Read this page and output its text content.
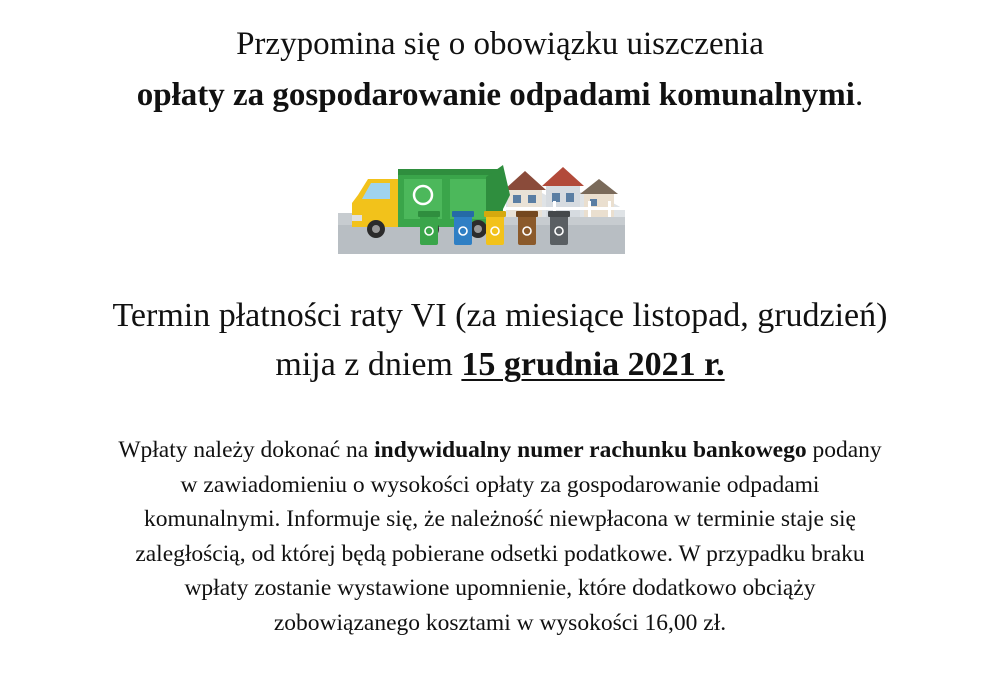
Przypomina się o obowiązku uiszczenia
opłaty za gospodarowanie odpadami komunalnymi.
Termin płatności raty VI (za miesiące listopad, grudzień)
mija z dniem 15 grudnia 2021 r.
Wpłaty należy dokonać na indywidualny numer rachunku bankowego podany
w zawiadomieniu o wysokości opłaty za gospodarowanie odpadami
komunalnymi. Informuje się, że należność niewpłacona w terminie staje się
zaległością, od której będą pobierane odsetki podatkowe. W przypadku braku
wpłaty zostanie wystawione upomnienie, które dodatkowo obciąży
zobowiązanego kosztami w wysokości 16,00 zł.
